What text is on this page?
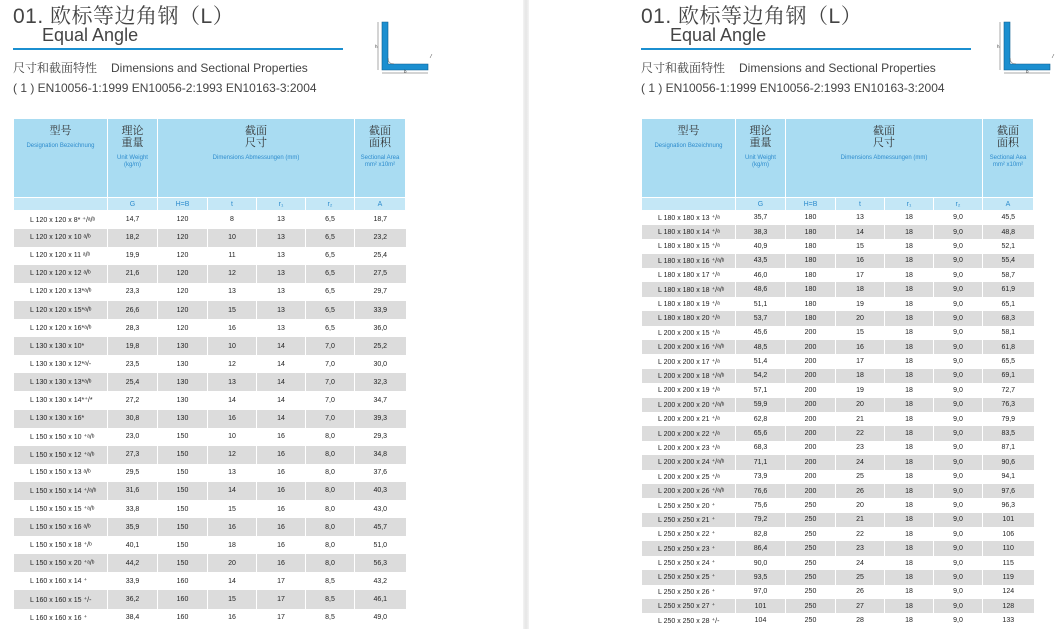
01. 欧标等边角钢（L）
Equal Angle
尺寸和截面特性 Dimensions and Sectional Properties
( 1 ) EN10056-1:1999 EN10056-2:1993 EN10163-3:2004
h
b
型号
Designation Bezeichnung	理论
重量
Unit Weight (kg/m)	截面
尺寸
Dimensions Abmessungen (mm)				截面
面积
Sectional Area mm² x10m²

	G	H=B	t	r₁	r₂	A
L 120 x 120 x 8* ⁺/ᵃ/ᵇ	14,7	120	8	13	6,5	18,7
L 120 x 120 x 10 ᵃ/ᵇ	18,2	120	10	13	6,5	23,2
L 120 x 120 x 11 ᵃ/ᵇ	19,9	120	11	13	6,5	25,4
L 120 x 120 x 12 ᵃ/ᵇ	21,6	120	12	13	6,5	27,5
L 120 x 120 x 13*ᵃ/ᵇ	23,3	120	13	13	6,5	29,7
L 120 x 120 x 15*ᵃ/ᵇ	26,6	120	15	13	6,5	33,9
L 120 x 120 x 16*ᵃ/ᵇ	28,3	120	16	13	6,5	36,0
L 130 x 130 x 10*	19,8	130	10	14	7,0	25,2
L 130 x 130 x 12*ᵃ/-	23,5	130	12	14	7,0	30,0
L 130 x 130 x 13*ᵃ/ᵇ	25,4	130	13	14	7,0	32,3
L 130 x 130 x 14*⁺/*	27,2	130	14	14	7,0	34,7
L 130 x 130 x 16*	30,8	130	16	14	7,0	39,3
L 150 x 150 x 10 ⁺ᵃ/ᵇ	23,0	150	10	16	8,0	29,3
L 150 x 150 x 12 ⁺ᵃ/ᵇ	27,3	150	12	16	8,0	34,8
L 150 x 150 x 13 ᵃ/ᵇ	29,5	150	13	16	8,0	37,6
L 150 x 150 x 14 ⁺/ᵃ/ᵇ	31,6	150	14	16	8,0	40,3
L 150 x 150 x 15 ⁺ᵃ/ᵇ	33,8	150	15	16	8,0	43,0
L 150 x 150 x 16 ᵃ/ᵇ	35,9	150	16	16	8,0	45,7
L 150 x 150 x 18 ⁺/ᵇ	40,1	150	18	16	8,0	51,0
L 150 x 150 x 20 ⁺ᵃ/ᵇ	44,2	150	20	16	8,0	56,3
L 160 x 160 x 14 ⁺	33,9	160	14	17	8,5	43,2
L 160 x 160 x 15 ⁺/-	36,2	160	15	17	8,5	46,1
L 160 x 160 x 16 ⁺	38,4	160	16	17	8,5	49,0
01. 欧标等边角钢（L）
Equal Angle
尺寸和截面特性 Dimensions and Sectional Properties
( 1 ) EN10056-1:1999 EN10056-2:1993 EN10163-3:2004
h
b
型号
Designation Bezeichnung	理论
重量
Unit Weight (kg/m)	截面
尺寸
Dimensions Abmessungen (mm)				截面
面积
Sectional Aea mm² x10m²

	G	H=B	t	r₁	r₂	A
L 180 x 180 x 13 ⁺/ᵃ	35,7	180	13	18	9,0	45,5
L 180 x 180 x 14 ⁺/ᵃ	38,3	180	14	18	9,0	48,8
L 180 x 180 x 15 ⁺/ᵃ	40,9	180	15	18	9,0	52,1
L 180 x 180 x 16 ⁺/ᵃ/ᵇ	43,5	180	16	18	9,0	55,4
L 180 x 180 x 17 ⁺/ᵃ	46,0	180	17	18	9,0	58,7
L 180 x 180 x 18 ⁺/ᵃ/ᵇ	48,6	180	18	18	9,0	61,9
L 180 x 180 x 19 ⁺/ᵃ	51,1	180	19	18	9,0	65,1
L 180 x 180 x 20 ⁺/ᵃ	53,7	180	20	18	9,0	68,3
L 200 x 200 x 15 ⁺/ᵃ	45,6	200	15	18	9,0	58,1
L 200 x 200 x 16 ⁺/ᵃ/ᵇ	48,5	200	16	18	9,0	61,8
L 200 x 200 x 17 ⁺/ᵃ	51,4	200	17	18	9,0	65,5
L 200 x 200 x 18 ⁺/ᵃ/ᵇ	54,2	200	18	18	9,0	69,1
L 200 x 200 x 19 ⁺/ᵃ	57,1	200	19	18	9,0	72,7
L 200 x 200 x 20 ⁺/ᵃ/ᵇ	59,9	200	20	18	9,0	76,3
L 200 x 200 x 21 ⁺/ᵃ	62,8	200	21	18	9,0	79,9
L 200 x 200 x 22 ⁺/ᵃ	65,6	200	22	18	9,0	83,5
L 200 x 200 x 23 ⁺/ᵃ	68,3	200	23	18	9,0	87,1
L 200 x 200 x 24 ⁺/ᵃ/ᵇ	71,1	200	24	18	9,0	90,6
L 200 x 200 x 25 ⁺/ᵃ	73,9	200	25	18	9,0	94,1
L 200 x 200 x 26 ⁺/ᵃ/ᵇ	76,6	200	26	18	9,0	97,6
L 250 x 250 x 20 ⁺	75,6	250	20	18	9,0	96,3
L 250 x 250 x 21 ⁺	79,2	250	21	18	9,0	101
L 250 x 250 x 22 ⁺	82,8	250	22	18	9,0	106
L 250 x 250 x 23 ⁺	86,4	250	23	18	9,0	110
L 250 x 250 x 24 ⁺	90,0	250	24	18	9,0	115
L 250 x 250 x 25 ⁺	93,5	250	25	18	9,0	119
L 250 x 250 x 26 ⁺	97,0	250	26	18	9,0	124
L 250 x 250 x 27 ⁺	101	250	27	18	9,0	128
L 250 x 250 x 28 ⁺/-	104	250	28	18	9,0	133
